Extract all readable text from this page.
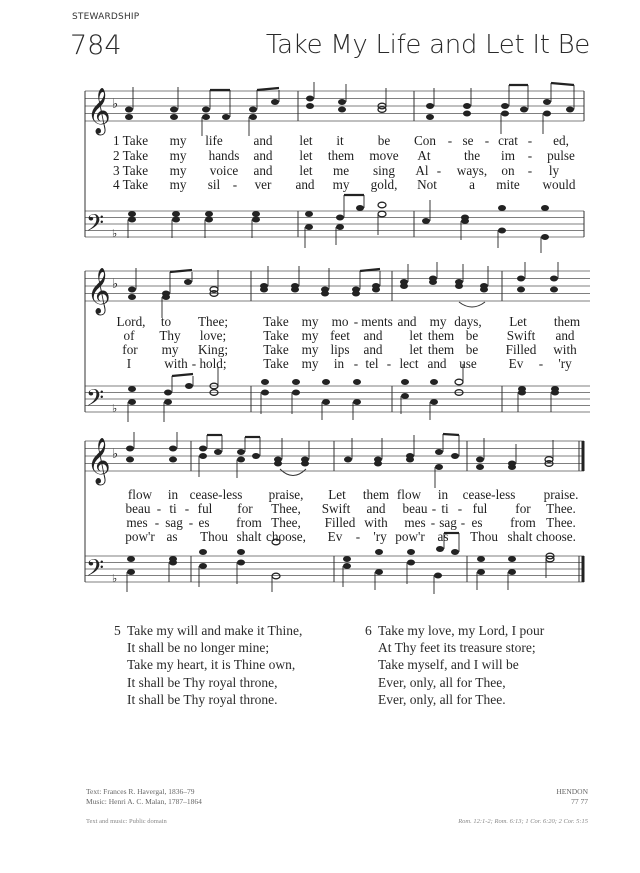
STEWARDSHIP
784	Take My Life and Let It Be
𝄞
𝄢
♭
♭
1 Take my life and let it	be Con - se - crat - ed,
2 Take my hands and let them move At	the im - pulse
3 Take my voice and let me sing Al - ways, on - ly
4 Take my sil - ver and my gold, Not a mite would
𝄞
𝄢
♭
♭
Lord, to Thee;	Take my mo - ments and my days, Let them
of Thy love;	Take my feet and let them be Swift and
for my King;	Take my lips and let them be Filled with
I	with - hold;	Take my in - tel - lect and use Ev - 'ry
𝄞
𝄢
♭
♭
flow in cease-less praise, Let them flow in cease-less praise.
beau - ti - ful for Thee, Swift and beau - ti - ful for Thee.
mes - sag - es from Thee, Filled with mes - sag - es from Thee.
pow'r as Thou shalt choose, Ev - 'ry pow'r as Thou shalt choose.
5 Take my will and make it Thine,
It shall be no longer mine;
Take my heart, it is Thine own,
It shall be Thy royal throne,
It shall be Thy royal throne.
6 Take my love, my Lord, I pour
At Thy feet its treasure store;
Take myself, and I will be
Ever, only, all for Thee,
Ever, only, all for Thee.
Text: Frances R. Havergal, 1836–79
Music: Henri A. C. Malan, 1787–1864
Text and music: Public domain
HENDON
77 77
Rom. 12:1-2; Rom. 6:13; 1 Cor. 6:20; 2 Cor. 5:15
